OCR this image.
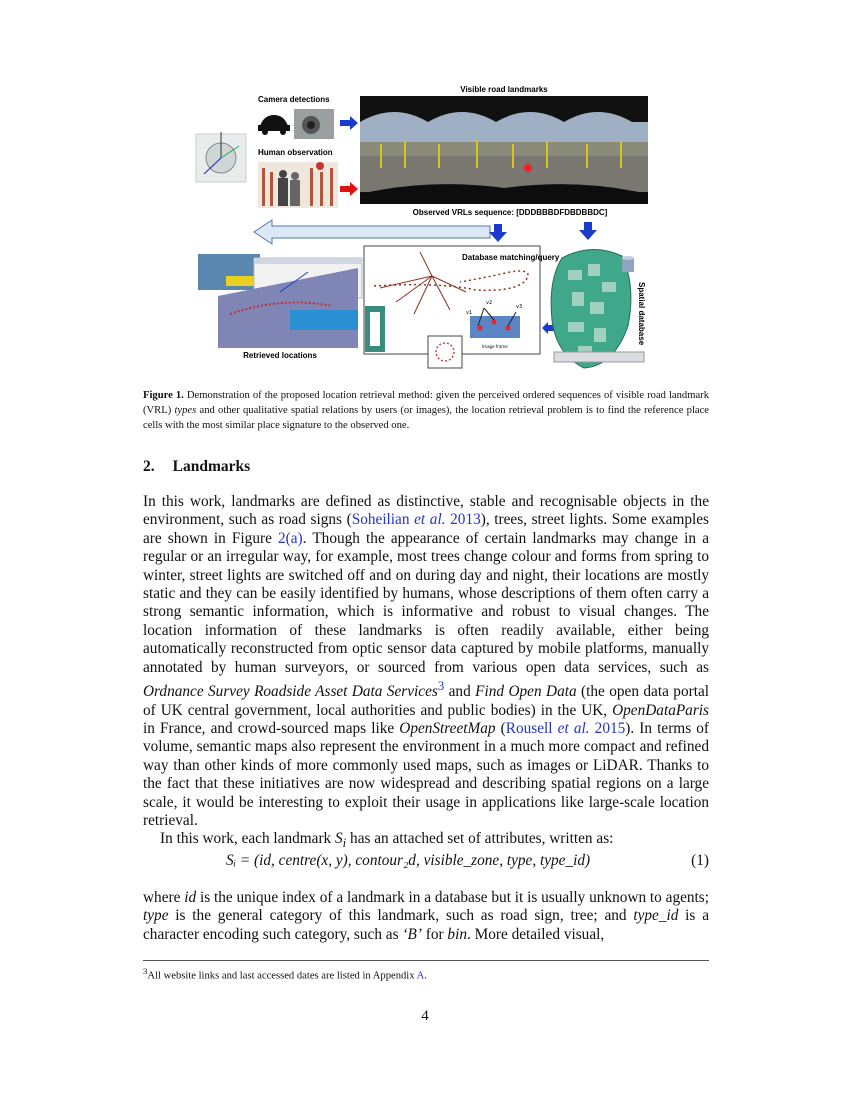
Camera detections
Human observation
Visible road landmarks
Observed VRLs sequence: [DDDBBBDFDBDBBDC]
Retrieved locations
Database matching/query
v1
v2
v3
Image frame
Spatial database
Figure 1. Demonstration of the proposed location retrieval method: given the perceived ordered sequences of visible road landmark (VRL) types and other qualitative spatial relations by users (or images), the location retrieval problem is to find the reference place cells with the most similar place signature to the observed one.
2. Landmarks

In this work, landmarks are defined as distinctive, stable and recognisable objects in the environment, such as road signs (Soheilian et al. 2013), trees, street lights. Some examples are shown in Figure 2(a). Though the appearance of certain landmarks may change in a regular or an irregular way, for example, most trees change colour and forms from spring to winter, street lights are switched off and on during day and night, their locations are mostly static and they can be easily identified by humans, whose descriptions of them often carry a strong semantic information, which is informative and robust to visual changes. The location information of these landmarks is often readily available, either being automatically reconstructed from optic sensor data captured by mobile platforms, manually annotated by human surveyors, or sourced from various open data services, such as Ordnance Survey Roadside Asset Data Services$^3$ and Find Open Data (the open data portal of UK central government, local authorities and public bodies) in the UK, OpenDataParis in France, and crowd-sourced maps like OpenStreetMap (Rousell et al. 2015). In terms of volume, semantic maps also represent the environment in a much more compact and refined way than other kinds of more commonly used maps, such as images or LiDAR. Thanks to the fact that these initiatives are now widespread and describing spatial regions on a large scale, it would be interesting to exploit their usage in applications like large-scale location retrieval.

In this work, each landmark $S_i$ has an attached set of attributes, written as:

Sᵢ = (id, centre(x, y), contour₂d, visible_zone, type, type_id)	(1)

where id is the unique index of a landmark in a database but it is usually unknown to agents; type is the general category of this landmark, such as road sign, tree; and type_id is a character encoding such category, such as ‘B’ for bin. More detailed visual,

$^3$All website links and last accessed dates are listed in Appendix A.
4
